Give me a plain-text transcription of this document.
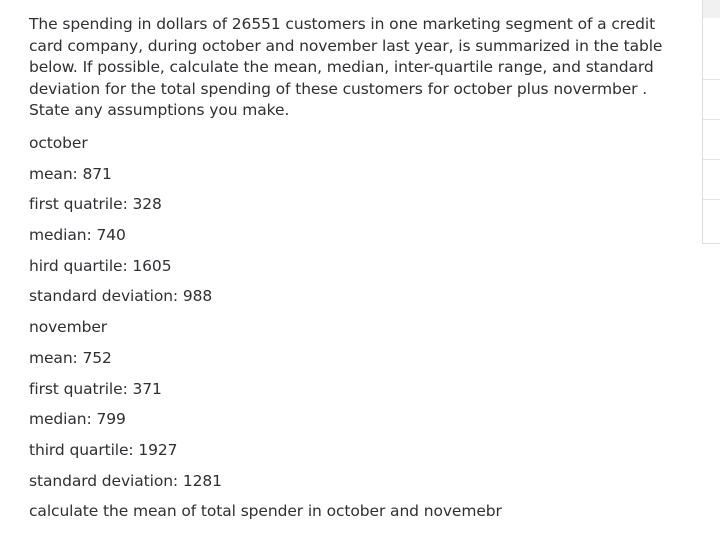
The spending in dollars of 26551 customers in one marketing segment of a credit card company, during october and november last year, is summarized in the table below. If possible, calculate the mean, median, inter-quartile range, and standard deviation for the total spending of these customers for october plus novermber . State any assumptions you make.

october
mean: 871
first quatrile: 328
median: 740
hird quartile: 1605
standard deviation: 988
november
mean: 752
first quatrile: 371
median: 799
third quartile: 1927
standard deviation: 1281
calculate the mean of total spender in october and novemebr
